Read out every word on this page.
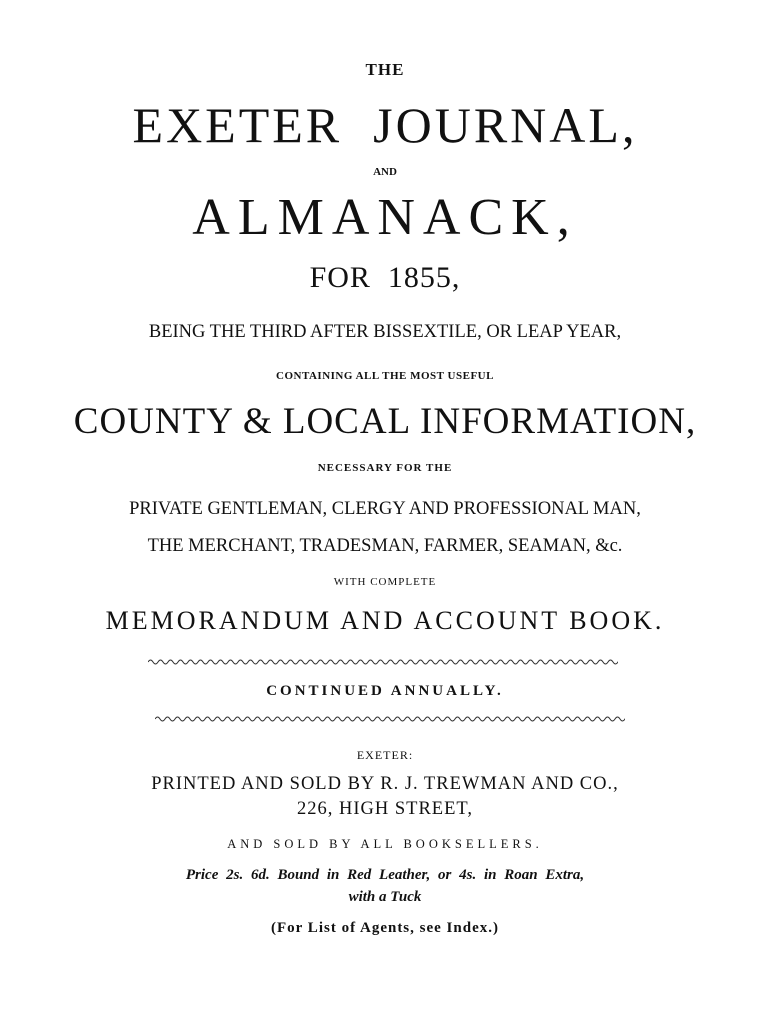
THE
EXETER  JOURNAL,
AND
ALMANACK,
FOR  1855,
BEING THE THIRD AFTER BISSEXTILE, OR LEAP YEAR,
CONTAINING ALL THE MOST USEFUL
COUNTY & LOCAL INFORMATION,
NECESSARY FOR THE
PRIVATE GENTLEMAN, CLERGY AND PROFESSIONAL MAN,
THE MERCHANT, TRADESMAN, FARMER, SEAMAN, &c.
WITH COMPLETE
MEMORANDUM AND ACCOUNT BOOK.
CONTINUED ANNUALLY.
EXETER:
PRINTED AND SOLD BY R. J. TREWMAN AND CO.,
226, HIGH STREET,
AND SOLD BY ALL BOOKSELLERS.
Price 2s. 6d. Bound in Red Leather, or 4s. in Roan Extra,
with a Tuck
(For List of Agents, see Index.)
